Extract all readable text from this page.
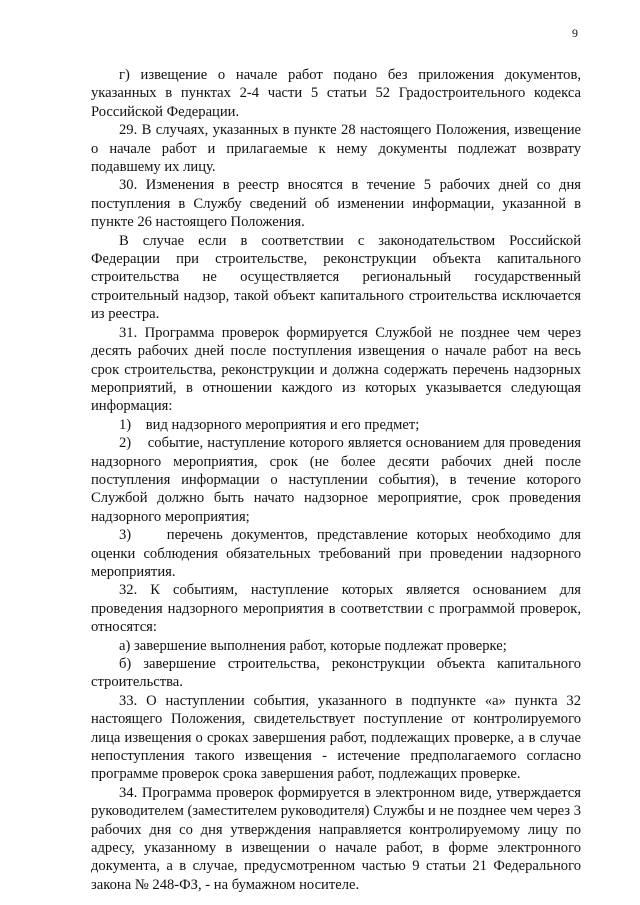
9

г) извещение о начале работ подано без приложения документов, указанных в пунктах 2-4 части 5 статьи 52 Градостроительного кодекса Российской Федерации.

29. В случаях, указанных в пункте 28 настоящего Положения, извещение о начале работ и прилагаемые к нему документы подлежат возврату подавшему их лицу.

30. Изменения в реестр вносятся в течение 5 рабочих дней со дня поступления в Службу сведений об изменении информации, указанной в пункте 26 настоящего Положения.

В случае если в соответствии с законодательством Российской Федерации при строительстве, реконструкции объекта капитального строительства не осуществляется региональный государственный строительный надзор, такой объект капитального строительства исключается из реестра.

31. Программа проверок формируется Службой не позднее чем через десять рабочих дней после поступления извещения о начале работ на весь срок строительства, реконструкции и должна содержать перечень надзорных мероприятий, в отношении каждого из которых указывается следующая информация:

1)    вид надзорного мероприятия и его предмет;

2)    событие, наступление которого является основанием для проведения надзорного мероприятия, срок (не более десяти рабочих дней после поступления информации о наступлении события), в течение которого Службой должно быть начато надзорное мероприятие, срок проведения надзорного мероприятия;

3)    перечень документов, представление которых необходимо для оценки соблюдения обязательных требований при проведении надзорного мероприятия.

32. К событиям, наступление которых является основанием для проведения надзорного мероприятия в соответствии с программой проверок, относятся:

а) завершение выполнения работ, которые подлежат проверке;

б) завершение строительства, реконструкции объекта капитального строительства.

33. О наступлении события, указанного в подпункте «а» пункта 32 настоящего Положения, свидетельствует поступление от контролируемого лица извещения о сроках завершения работ, подлежащих проверке, а в случае непоступления такого извещения - истечение предполагаемого согласно программе проверок срока завершения работ, подлежащих проверке.

34. Программа проверок формируется в электронном виде, утверждается руководителем (заместителем руководителя) Службы и не позднее чем через 3 рабочих дня со дня утверждения направляется контролируемому лицу по адресу, указанному в извещении о начале работ, в форме электронного документа, а в случае, предусмотренном частью 9 статьи 21 Федерального закона № 248-ФЗ, - на бумажном носителе.
